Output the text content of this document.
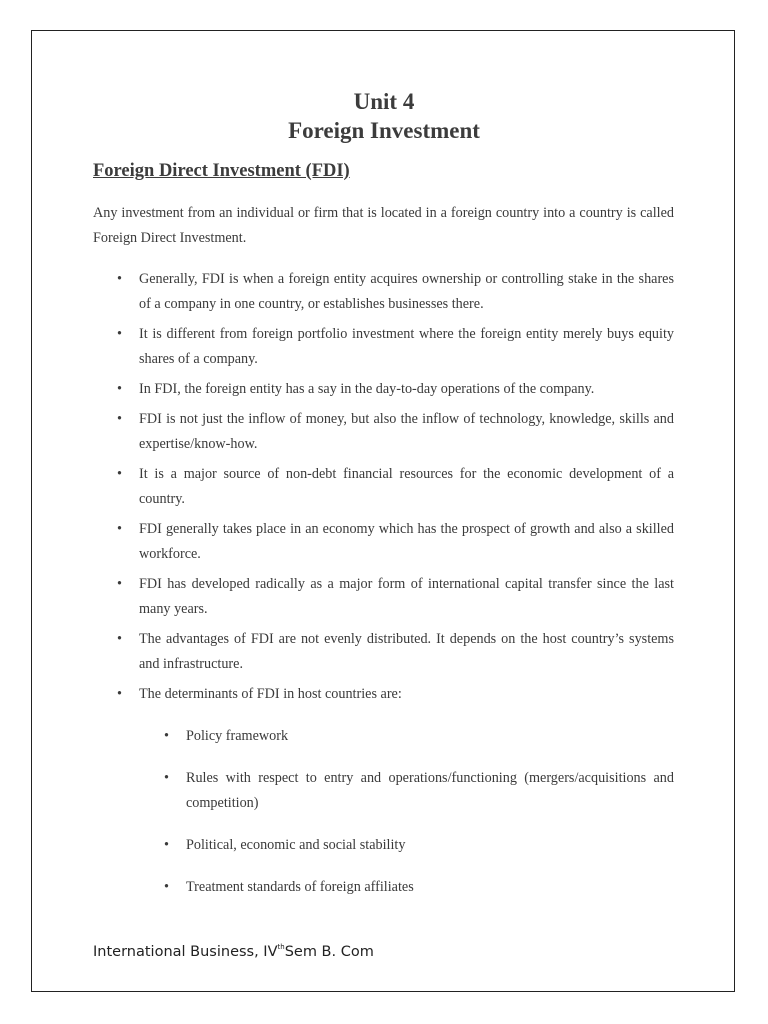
Unit 4
Foreign Investment
Foreign Direct Investment (FDI)
Any investment from an individual or firm that is located in a foreign country into a country is called Foreign Direct Investment.
• Generally, FDI is when a foreign entity acquires ownership or controlling stake in the shares of a company in one country, or establishes businesses there.
• It is different from foreign portfolio investment where the foreign entity merely buys equity shares of a company.
• In FDI, the foreign entity has a say in the day-to-day operations of the company.
• FDI is not just the inflow of money, but also the inflow of technology, knowledge, skills and expertise/know-how.
• It is a major source of non-debt financial resources for the economic development of a country.
• FDI generally takes place in an economy which has the prospect of growth and also a skilled workforce.
• FDI has developed radically as a major form of international capital transfer since the last many years.
• The advantages of FDI are not evenly distributed. It depends on the host country’s systems and infrastructure.
• The determinants of FDI in host countries are:
• Policy framework
• Rules with respect to entry and operations/functioning (mergers/acquisitions and competition)
• Political, economic and social stability
• Treatment standards of foreign affiliates
International Business, IVthSem B. Com
